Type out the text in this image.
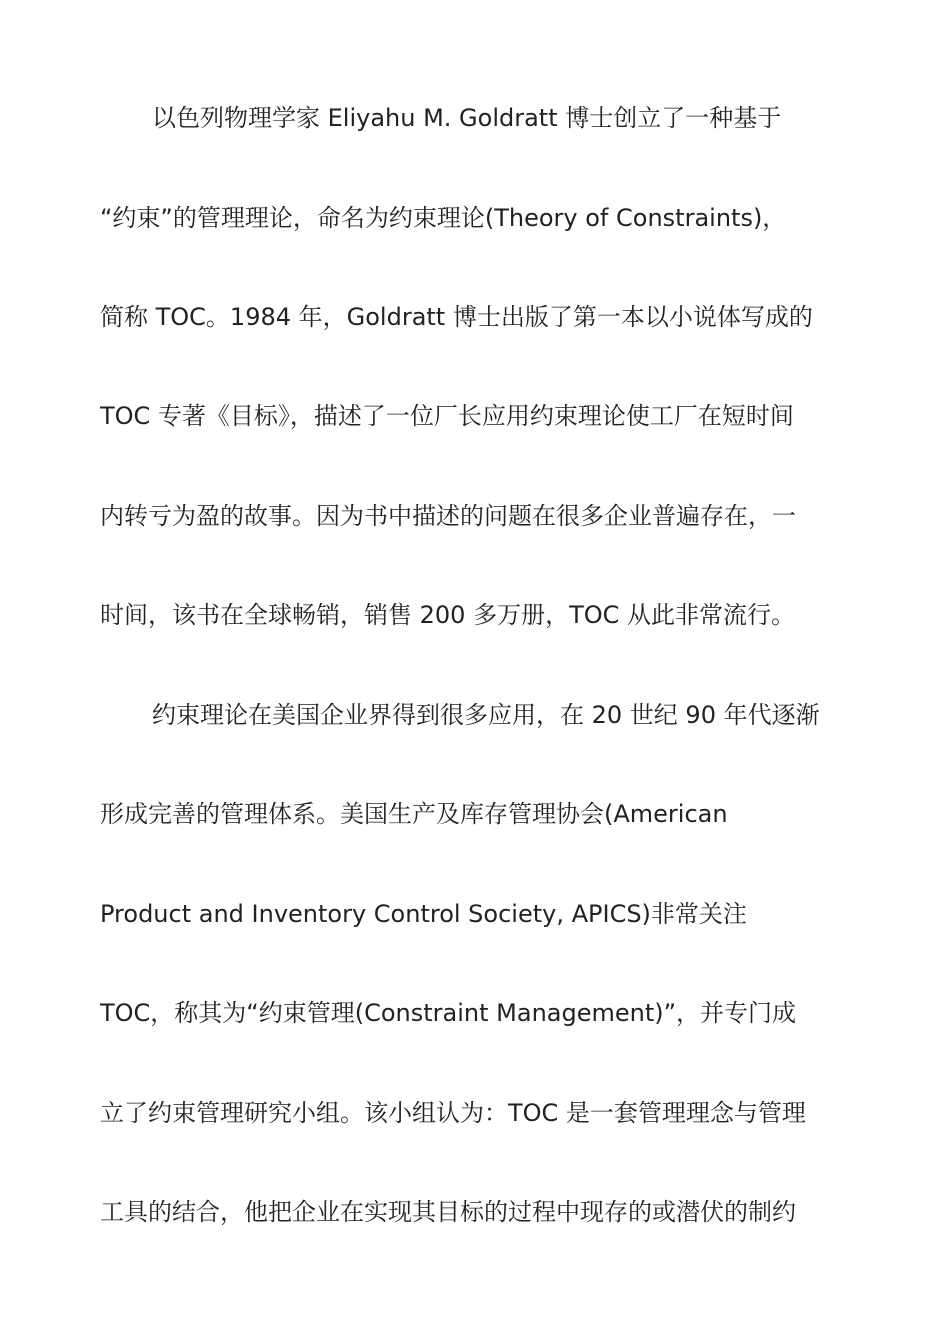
以色列物理学家 Eliyahu M. Goldratt 博士创立了一种基于
“约束”的管理理论，命名为约束理论(Theory of Constraints)，
简称 TOC。1984 年，Goldratt 博士出版了第一本以小说体写成的
TOC 专著《目标》，描述了一位厂长应用约束理论使工厂在短时间
内转亏为盈的故事。因为书中描述的问题在很多企业普遍存在，一
时间，该书在全球畅销，销售 200 多万册，TOC 从此非常流行。
约束理论在美国企业界得到很多应用，在 20 世纪 90 年代逐渐
形成完善的管理体系。美国生产及库存管理协会(American
Product and Inventory Control Society, APICS)非常关注
TOC，称其为“约束管理(Constraint Management)”，并专门成
立了约束管理研究小组。该小组认为：TOC 是一套管理理念与管理
工具的结合，他把企业在实现其目标的过程中现存的或潜伏的制约
